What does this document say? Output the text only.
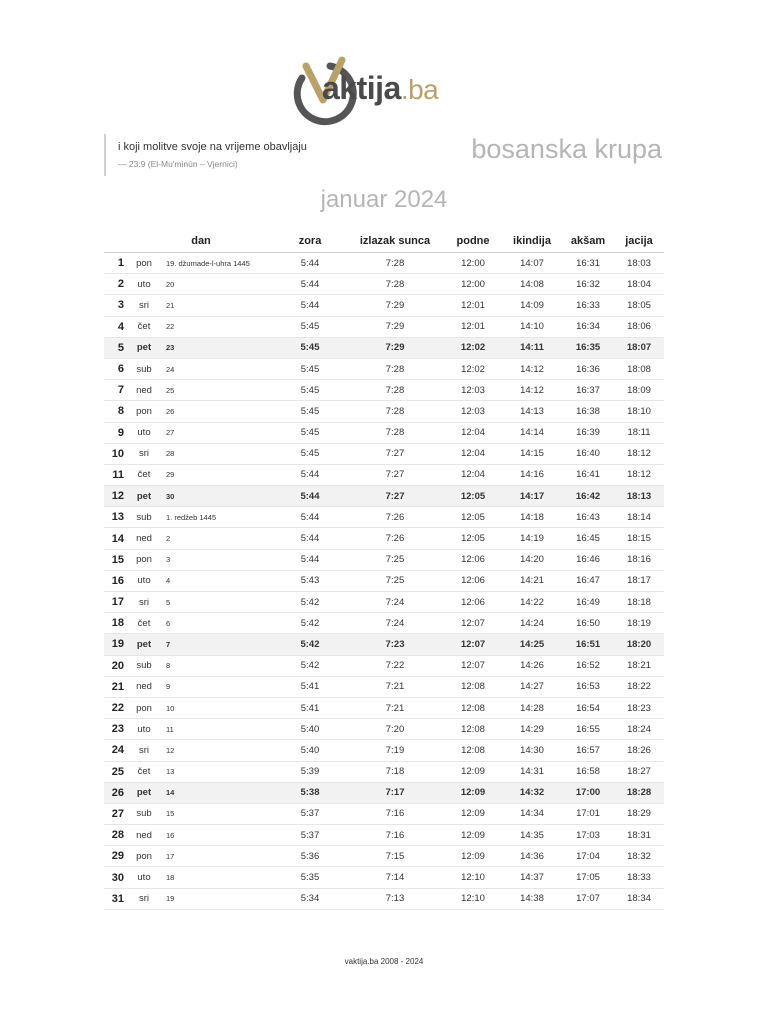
aktija.ba
i koji molitve svoje na vrijeme obavljaju
— 23:9 (El-Mu'minūn – Vjernici)	bosanska krupa
januar 2024
	dan		zora	izlazak sunca	podne	ikindija	akšam	jacija
1	pon	19. džumade-l-uhra 1445	5:44	7:28	12:00	14:07	16:31	18:03
2	uto	20	5:44	7:28	12:00	14:08	16:32	18:04
3	sri	21	5:44	7:29	12:01	14:09	16:33	18:05
4	čet	22	5:45	7:29	12:01	14:10	16:34	18:06
5	pet	23	5:45	7:29	12:02	14:11	16:35	18:07
6	sub	24	5:45	7:28	12:02	14:12	16:36	18:08
7	ned	25	5:45	7:28	12:03	14:12	16:37	18:09
8	pon	26	5:45	7:28	12:03	14:13	16:38	18:10
9	uto	27	5:45	7:28	12:04	14:14	16:39	18:11
10	sri	28	5:45	7:27	12:04	14:15	16:40	18:12
11	čet	29	5:44	7:27	12:04	14:16	16:41	18:12
12	pet	30	5:44	7:27	12:05	14:17	16:42	18:13
13	sub	1. redžeb 1445	5:44	7:26	12:05	14:18	16:43	18:14
14	ned	2	5:44	7:26	12:05	14:19	16:45	18:15
15	pon	3	5:44	7:25	12:06	14:20	16:46	18:16
16	uto	4	5:43	7:25	12:06	14:21	16:47	18:17
17	sri	5	5:42	7:24	12:06	14:22	16:49	18:18
18	čet	6	5:42	7:24	12:07	14:24	16:50	18:19
19	pet	7	5:42	7:23	12:07	14:25	16:51	18:20
20	sub	8	5:42	7:22	12:07	14:26	16:52	18:21
21	ned	9	5:41	7:21	12:08	14:27	16:53	18:22
22	pon	10	5:41	7:21	12:08	14:28	16:54	18:23
23	uto	11	5:40	7:20	12:08	14:29	16:55	18:24
24	sri	12	5:40	7:19	12:08	14:30	16:57	18:26
25	čet	13	5:39	7:18	12:09	14:31	16:58	18:27
26	pet	14	5:38	7:17	12:09	14:32	17:00	18:28
27	sub	15	5:37	7:16	12:09	14:34	17:01	18:29
28	ned	16	5:37	7:16	12:09	14:35	17:03	18:31
29	pon	17	5:36	7:15	12:09	14:36	17:04	18:32
30	uto	18	5:35	7:14	12:10	14:37	17:05	18:33
31	sri	19	5:34	7:13	12:10	14:38	17:07	18:34
vaktija.ba 2008 - 2024
